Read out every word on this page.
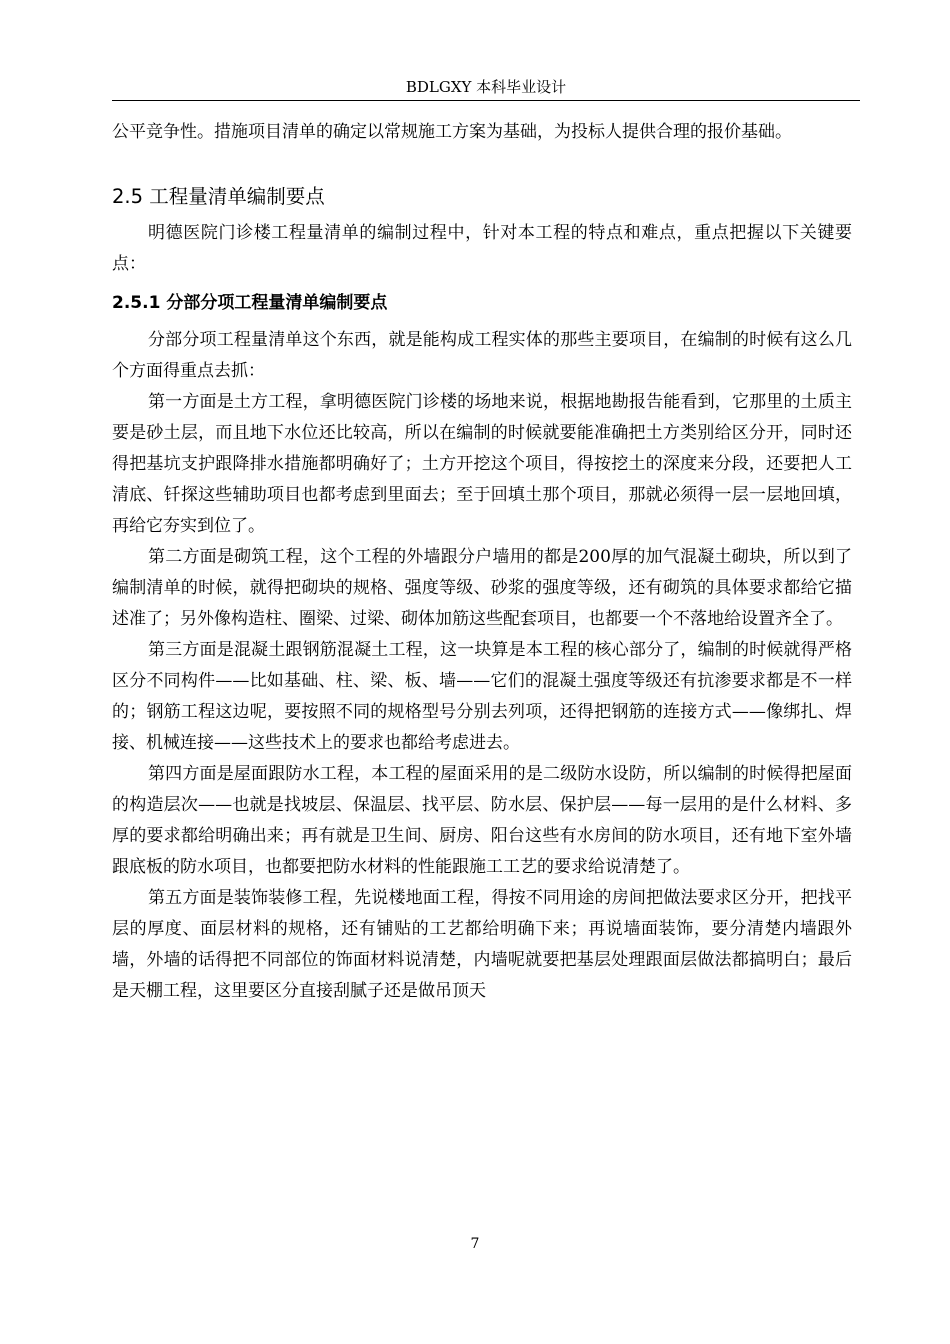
BDLGXY 本科毕业设计

公平竞争性。措施项目清单的确定以常规施工方案为基础，为投标人提供合理的报价基础。

2.5 工程量清单编制要点

明德医院门诊楼工程量清单的编制过程中，针对本工程的特点和难点，重点把握以下关键要点：

2.5.1 分部分项工程量清单编制要点

分部分项工程量清单这个东西，就是能构成工程实体的那些主要项目，在编制的时候有这么几个方面得重点去抓：

第一方面是土方工程，拿明德医院门诊楼的场地来说，根据地勘报告能看到，它那里的土质主要是砂土层，而且地下水位还比较高，所以在编制的时候就要能准确把土方类别给区分开，同时还得把基坑支护跟降排水措施都明确好了；土方开挖这个项目，得按挖土的深度来分段，还要把人工清底、钎探这些辅助项目也都考虑到里面去；至于回填土那个项目，那就必须得一层一层地回填，再给它夯实到位了。

第二方面是砌筑工程，这个工程的外墙跟分户墙用的都是200厚的加气混凝土砌块，所以到了编制清单的时候，就得把砌块的规格、强度等级、砂浆的强度等级，还有砌筑的具体要求都给它描述准了；另外像构造柱、圈梁、过梁、砌体加筋这些配套项目，也都要一个不落地给设置齐全了。

第三方面是混凝土跟钢筋混凝土工程，这一块算是本工程的核心部分了，编制的时候就得严格区分不同构件——比如基础、柱、梁、板、墙——它们的混凝土强度等级还有抗渗要求都是不一样的；钢筋工程这边呢，要按照不同的规格型号分别去列项，还得把钢筋的连接方式——像绑扎、焊接、机械连接——这些技术上的要求也都给考虑进去。

第四方面是屋面跟防水工程，本工程的屋面采用的是二级防水设防，所以编制的时候得把屋面的构造层次——也就是找坡层、保温层、找平层、防水层、保护层——每一层用的是什么材料、多厚的要求都给明确出来；再有就是卫生间、厨房、阳台这些有水房间的防水项目，还有地下室外墙跟底板的防水项目，也都要把防水材料的性能跟施工工艺的要求给说清楚了。

第五方面是装饰装修工程，先说楼地面工程，得按不同用途的房间把做法要求区分开，把找平层的厚度、面层材料的规格，还有铺贴的工艺都给明确下来；再说墙面装饰，要分清楚内墙跟外墙，外墙的话得把不同部位的饰面材料说清楚，内墙呢就要把基层处理跟面层做法都搞明白；最后是天棚工程，这里要区分直接刮腻子还是做吊顶天

7
